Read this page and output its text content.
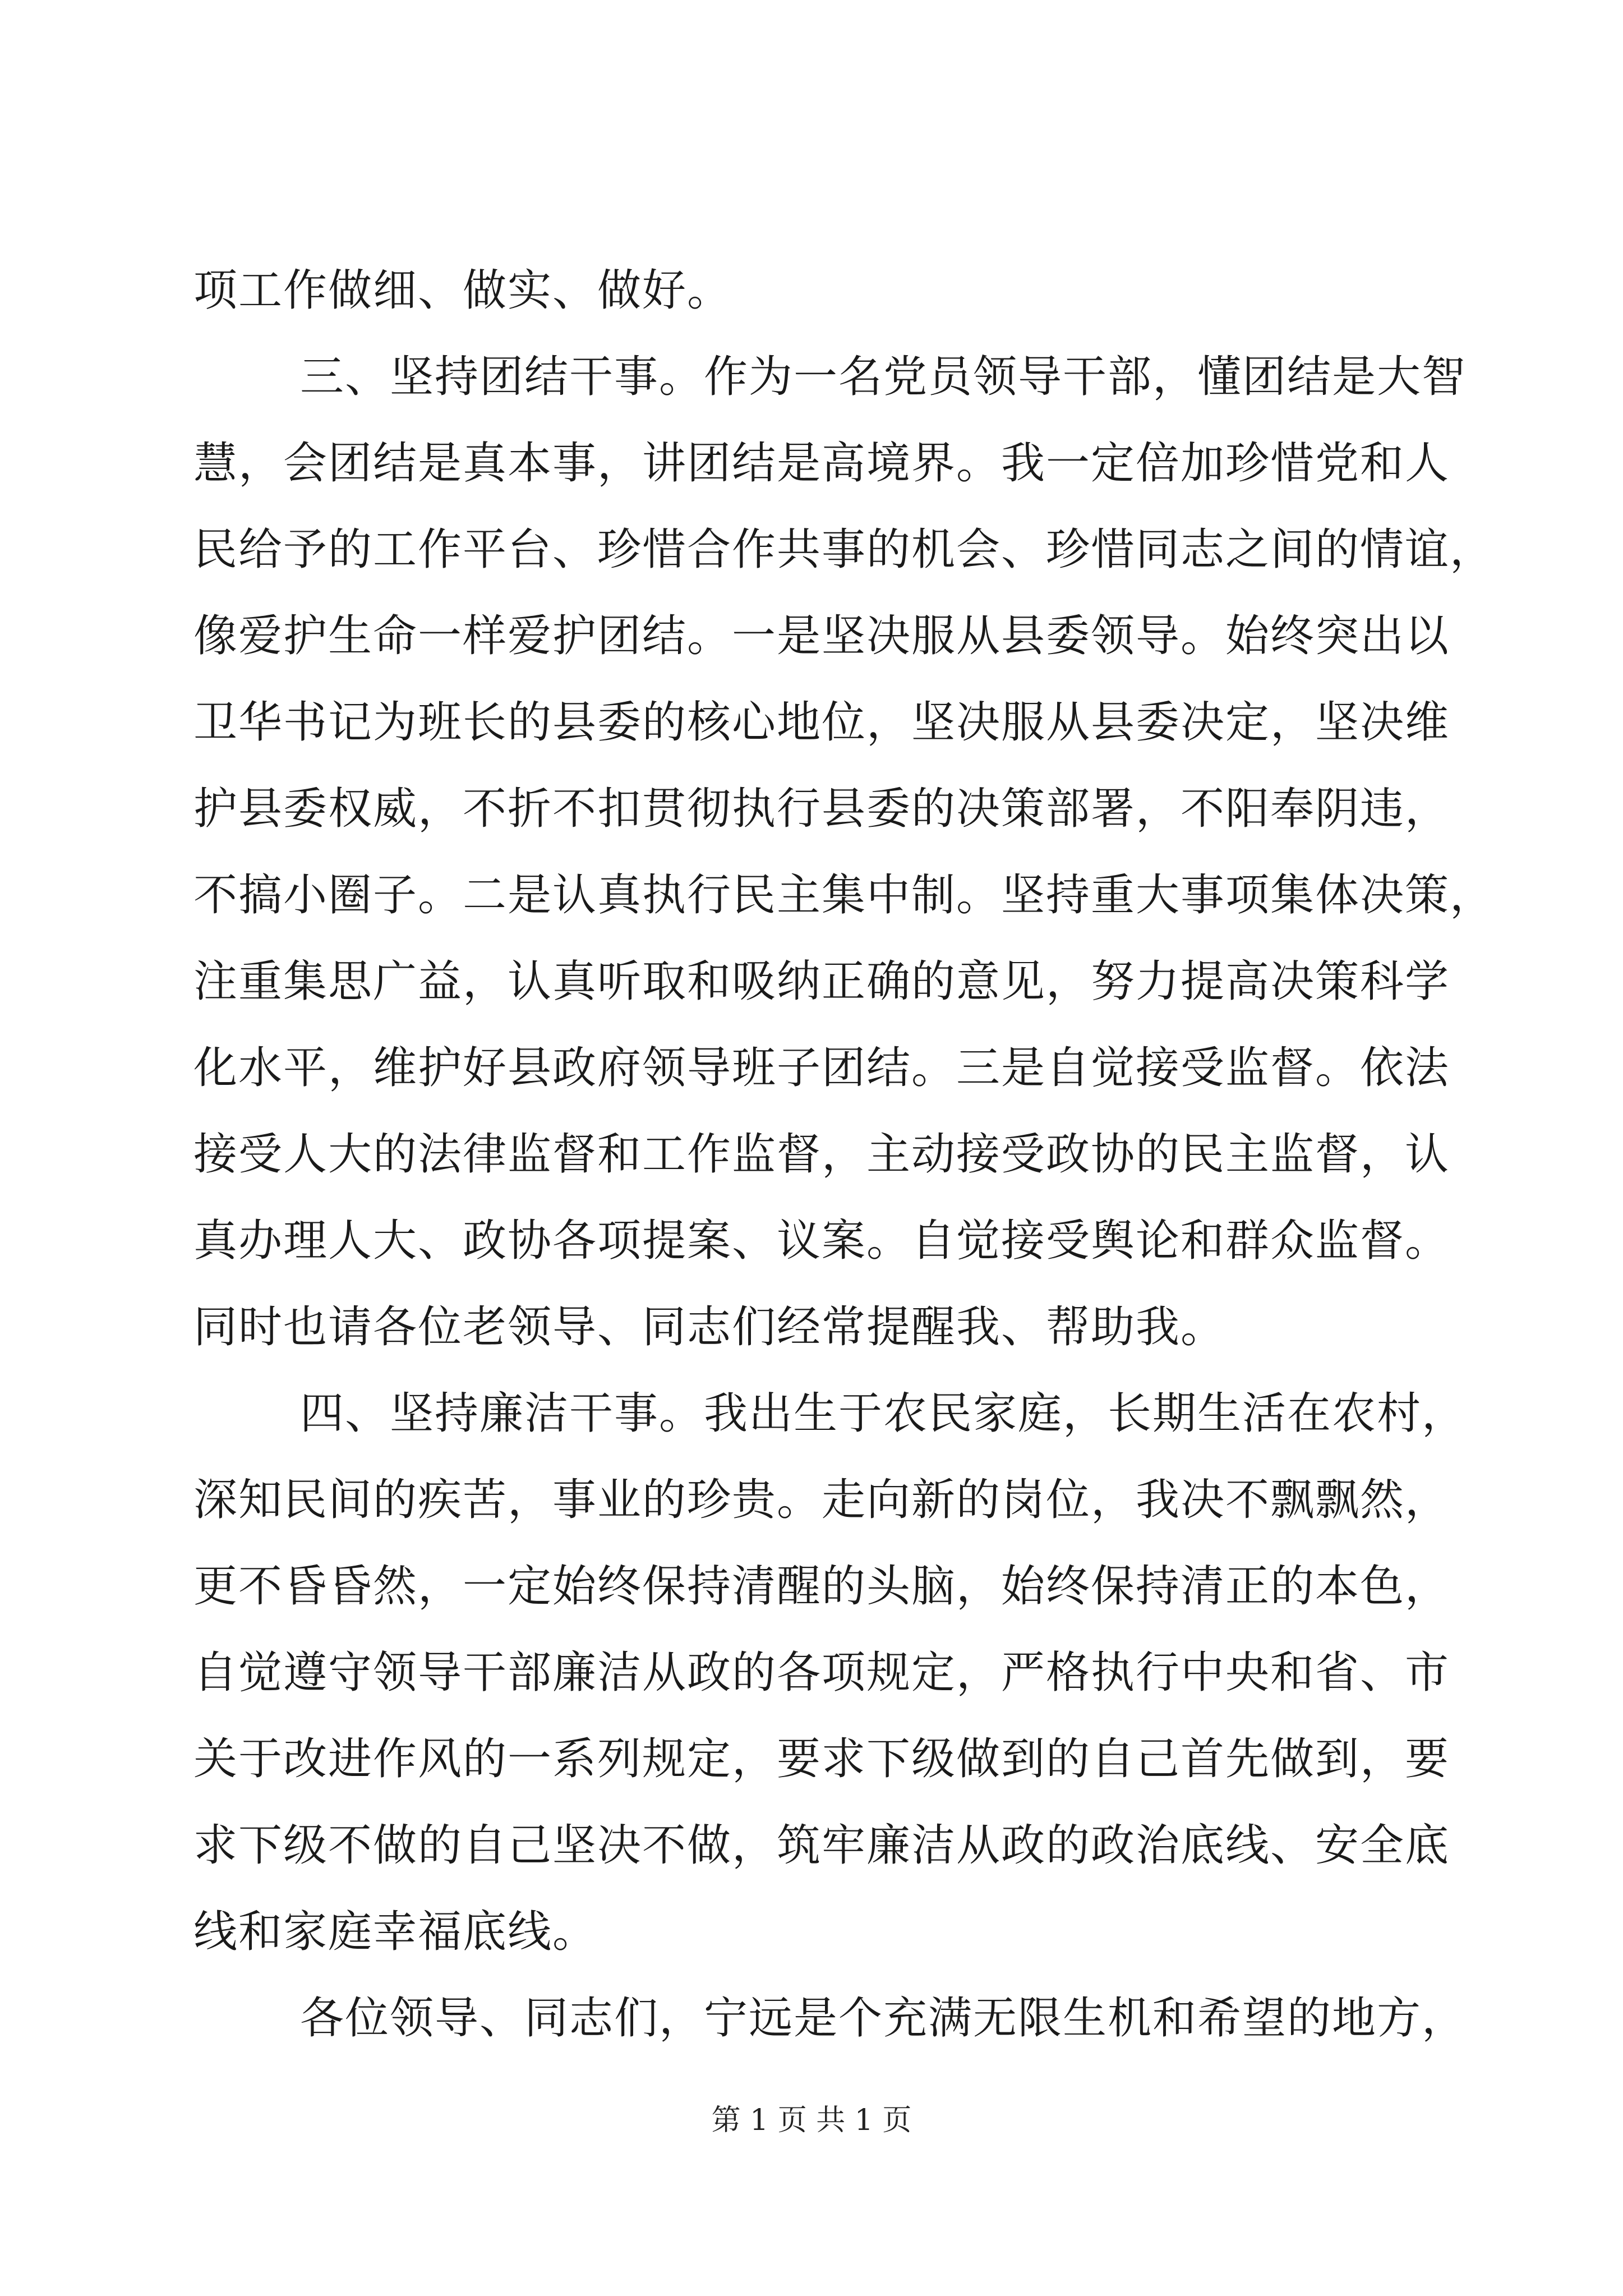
项工作做细、做实、做好。
三、坚持团结干事。作为一名党员领导干部，懂团结是大智
慧，会团结是真本事，讲团结是高境界。我一定倍加珍惜党和人
民给予的工作平台、珍惜合作共事的机会、珍惜同志之间的情谊，
像爱护生命一样爱护团结。一是坚决服从县委领导。始终突出以
卫华书记为班长的县委的核心地位，坚决服从县委决定，坚决维
护县委权威，不折不扣贯彻执行县委的决策部署，不阳奉阴违，
不搞小圈子。二是认真执行民主集中制。坚持重大事项集体决策，
注重集思广益，认真听取和吸纳正确的意见，努力提高决策科学
化水平，维护好县政府领导班子团结。三是自觉接受监督。依法
接受人大的法律监督和工作监督，主动接受政协的民主监督，认
真办理人大、政协各项提案、议案。自觉接受舆论和群众监督。
同时也请各位老领导、同志们经常提醒我、帮助我。
四、坚持廉洁干事。我出生于农民家庭，长期生活在农村，
深知民间的疾苦，事业的珍贵。走向新的岗位，我决不飘飘然，
更不昏昏然，一定始终保持清醒的头脑，始终保持清正的本色，
自觉遵守领导干部廉洁从政的各项规定，严格执行中央和省、市
关于改进作风的一系列规定，要求下级做到的自己首先做到，要
求下级不做的自己坚决不做，筑牢廉洁从政的政治底线、安全底
线和家庭幸福底线。
各位领导、同志们，宁远是个充满无限生机和希望的地方，
第 1 页 共 1 页
